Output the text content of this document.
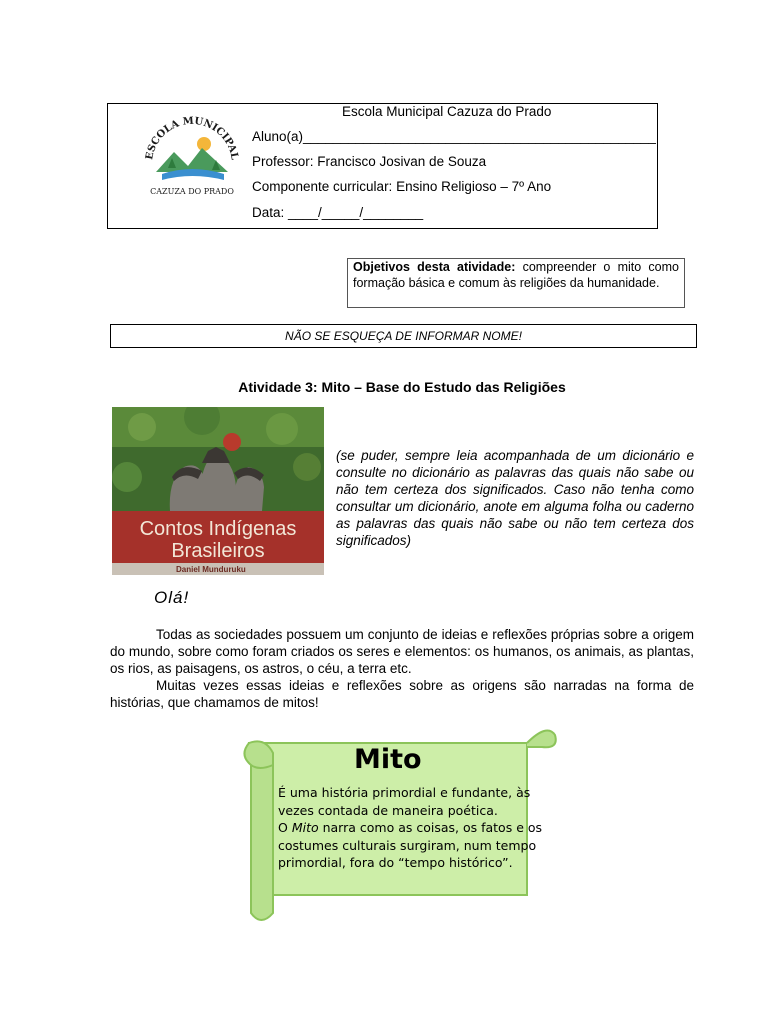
ESCOLA MUNICIPAL
CAZUZA DO PRADO
Escola Municipal Cazuza do Prado
Aluno(a)_______________________________________________
Professor: Francisco Josivan de Souza
Componente curricular: Ensino Religioso – 7º Ano
Data: ____/_____/________
Objetivos desta atividade: compreender o mito como formação básica e comum às religiões da humanidade.
NÃO SE ESQUEÇA DE INFORMAR NOME!
Atividade 3: Mito – Base do Estudo das Religiões
Contos Indígenas
Brasileiros
Daniel Munduruku
(se puder, sempre leia acompanhada de um dicionário e consulte no dicionário as palavras das quais não sabe ou não tem certeza dos significados. Caso não tenha como consultar um dicionário, anote em alguma folha ou caderno as palavras das quais não sabe ou não tem certeza dos significados)
Olá!
Todas as sociedades possuem um conjunto de ideias e reflexões próprias sobre a origem do mundo, sobre como foram criados os seres e elementos: os humanos, os animais, as plantas, os rios, as paisagens, os astros, o céu, a terra etc.
Muitas vezes essas ideias e reflexões sobre as origens são narradas na forma de histórias, que chamamos de mitos!
Mito
É uma história primordial e fundante, às vezes contada de maneira poética.
O Mito narra como as coisas, os fatos e os costumes culturais surgiram, num tempo primordial, fora do “tempo histórico”.
